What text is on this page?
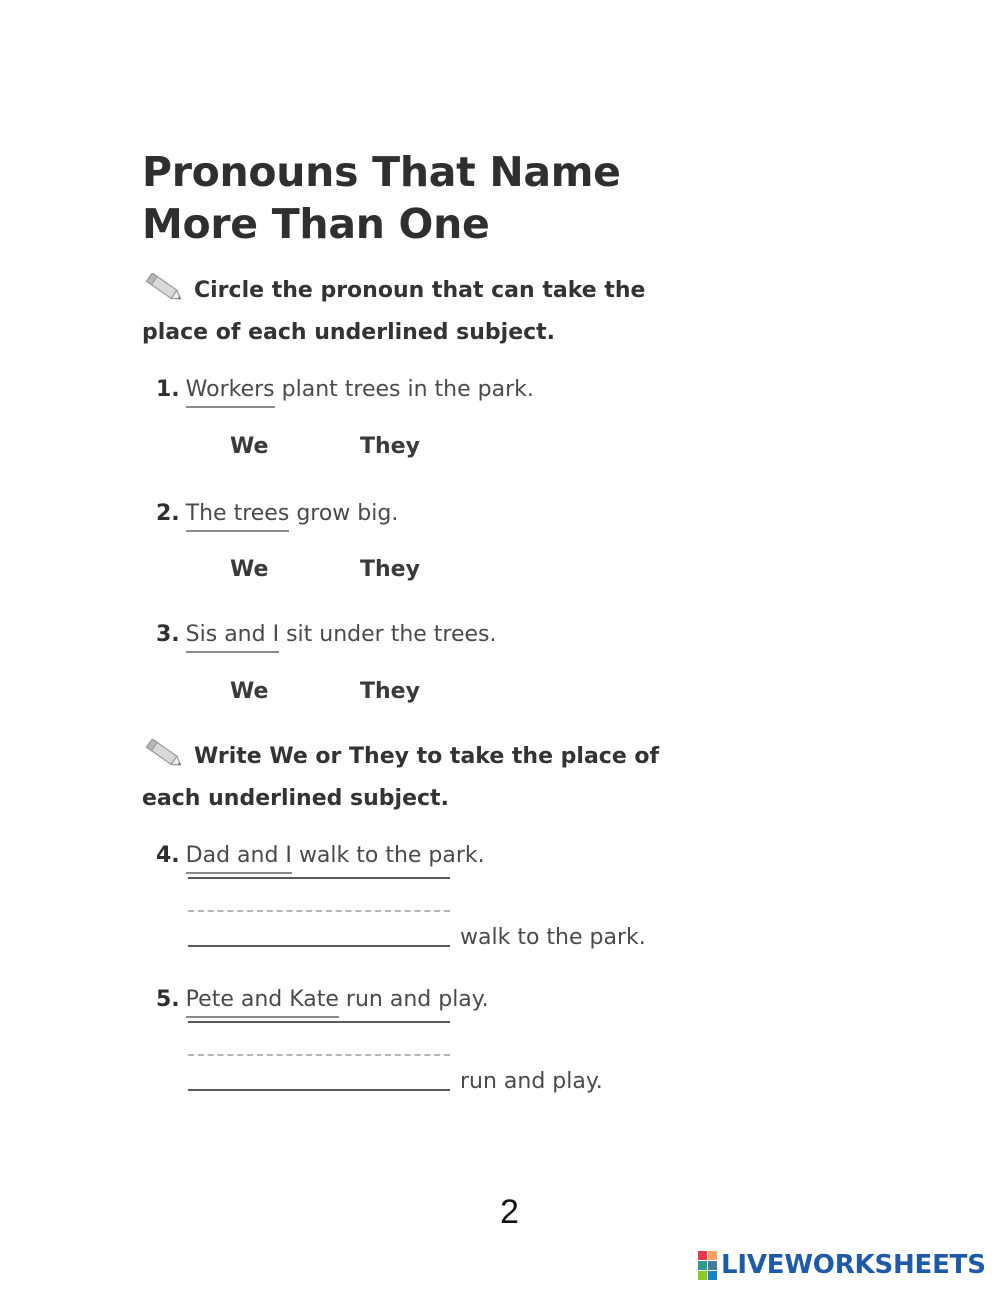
Pronouns That Name
More Than One

Circle the pronoun that can take the place of each underlined subject.

1. Workers plant trees in the park.
We	They
2. The trees grow big.
We	They
3. Sis and I sit under the trees.
We	They

Write We or They to take the place of each underlined subject.

4. Dad and I walk to the park.
walk to the park.
5. Pete and Kate run and play.
run and play.
2
LIVEWORKSHEETS
